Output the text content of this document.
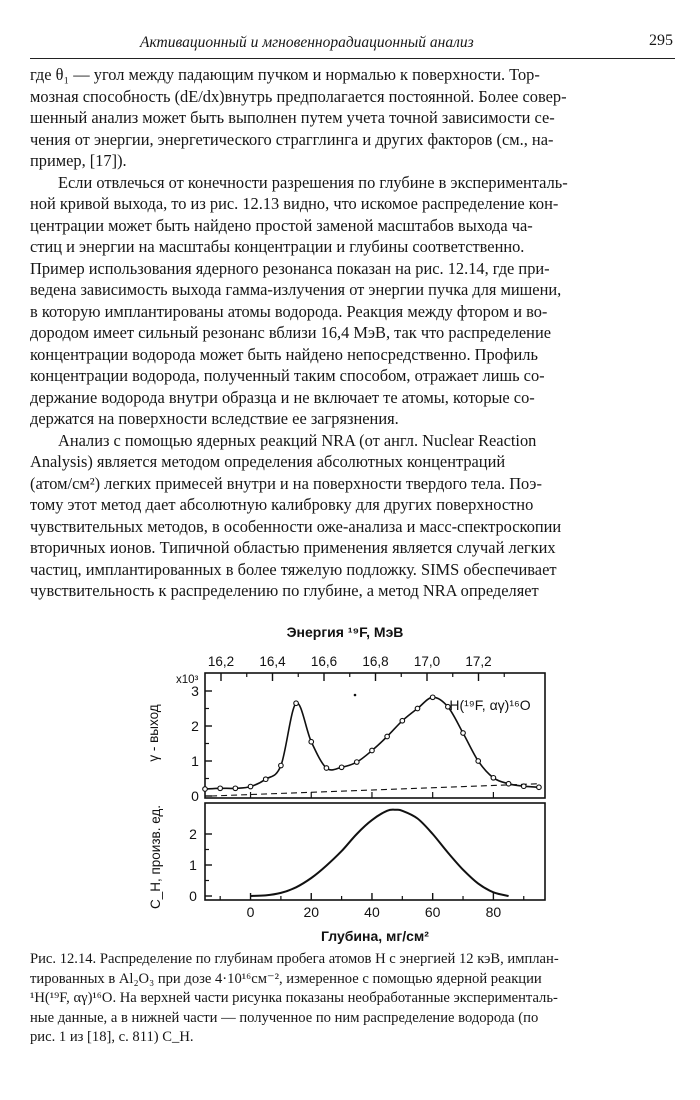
Активационный и мгновенноpадиационный анализ	295

где θ₁ — угол между падающим пучком и нормалью к поверхности. Тор-
мозная способность (dE/dx)внутрь предполагается постоянной. Более совер-
шенный анализ может быть выполнен путем учета точной зависимости се-
чения от энергии, энергетического страгглинга и других факторов (см., на-
пример, [17]).

Если отвлечься от конечности разрешения по глубине в эксперименталь-
ной кривой выхода, то из рис. 12.13 видно, что искомое распределение кон-
центрации может быть найдено простой заменой масштабов выхода ча-
стиц и энергии на масштабы концентрации и глубины соответственно.
Пример использования ядерного резонанса показан на рис. 12.14, где при-
ведена зависимость выхода гамма-излучения от энергии пучка для мишени,
в которую имплантированы атомы водорода. Реакция между фтором и во-
дородом имеет сильный резонанс вблизи 16,4 МэВ, так что распределение
концентрации водорода может быть найдено непосредственно. Профиль
концентрации водорода, полученный таким способом, отражает лишь со-
держание водорода внутри образца и не включает те атомы, которые со-
держатся на поверхности вследствие ее загрязнения.

Анализ с помощью ядерных реакций NRA (от англ. Nuclear Reaction
Analysis) является методом определения абсолютных концентраций
(атом/см²) легких примесей внутри и на поверхности твердого тела. Поэ-
тому этот метод дает абсолютную калибровку для других поверхностно
чувствительных методов, в особенности оже-анализа и масс-спектроскопии
вторичных ионов. Типичной областью применения является случай легких
частиц, имплантированных в более тяжелую подложку. SIMS обеспечивает
чувствительность к распределению по глубине, а метод NRA определяет

Энергия ¹⁹F, МэВ
16,2 16,4 16,6 16,8 17,0 17,2
x10³
0
1
2
3
γ - выход	H(¹⁹F, αγ)¹⁶O
0
1
2
C_H, произв. ед.
0	20	40	60	80
Глубина, мг/см²
Рис. 12.14. Распределение по глубинам пробега атомов H с энергией 12 кэВ, имплан-
тированных в Al₂O₃ при дозе 4·10¹⁶см⁻², измеренное с помощью ядерной реакции
¹H(¹⁹F, αγ)¹⁶O. На верхней части рисунка показаны необработанные эксперименталь-
ные данные, а в нижней части — полученное по ним распределение водорода (по
рис. 1 из [18], с. 811) C_H.
